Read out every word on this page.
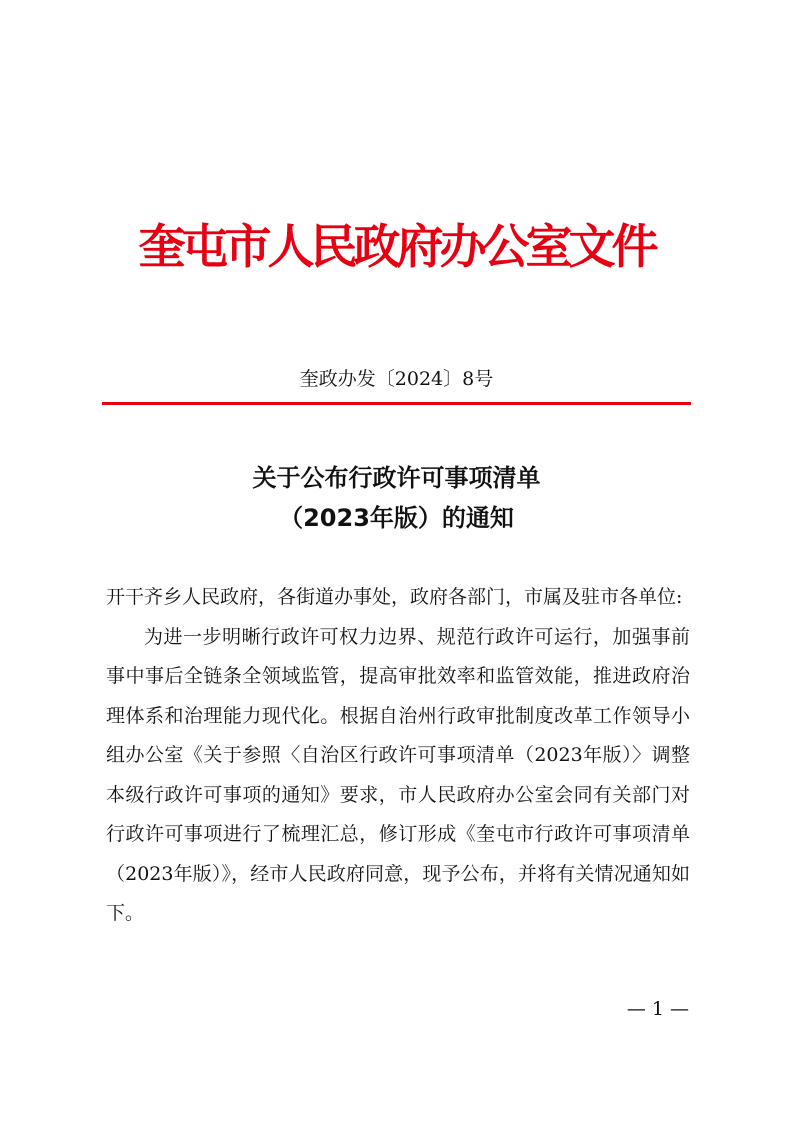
奎屯市人民政府办公室文件
奎政办发〔2024〕8号
关于公布行政许可事项清单
（2023年版）的通知

开干齐乡人民政府，各街道办事处，政府各部门，市属及驻市各单位:

为进一步明晰行政许可权力边界、规范行政许可运行，加强事前事中事后全链条全领域监管，提高审批效率和监管效能，推进政府治理体系和治理能力现代化。根据自治州行政审批制度改革工作领导小组办公室《关于参照〈自治区行政许可事项清单（2023年版）〉调整本级行政许可事项的通知》要求，市人民政府办公室会同有关部门对行政许可事项进行了梳理汇总，修订形成《奎屯市行政许可事项清单（2023年版）》，经市人民政府同意，现予公布，并将有关情况通知如下。

— 1 —
